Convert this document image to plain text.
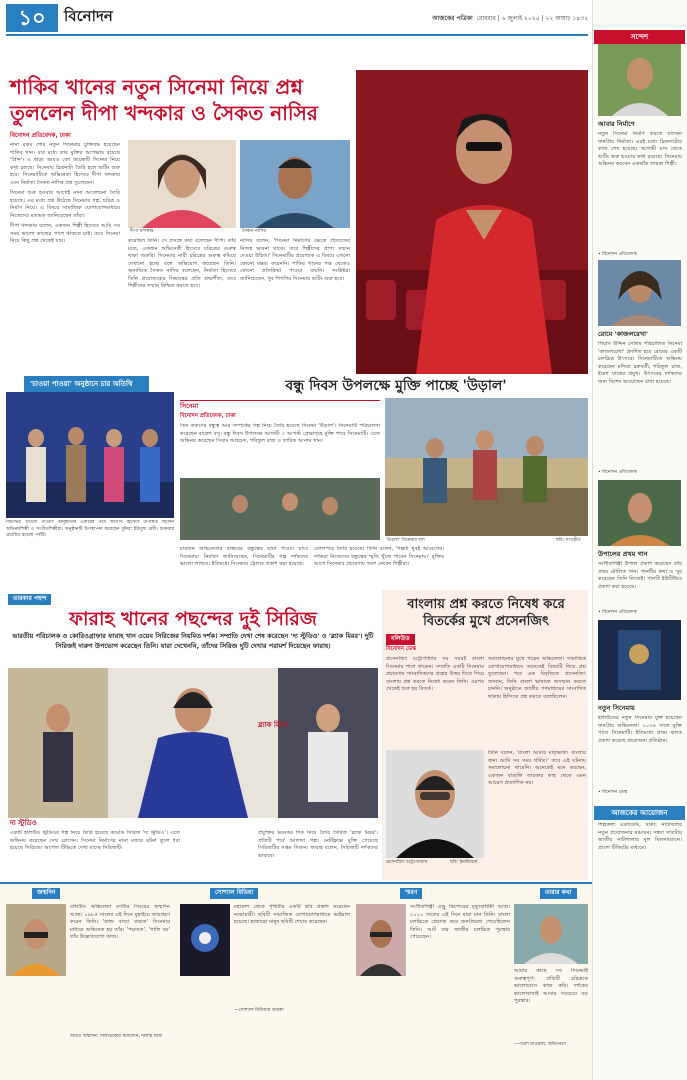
১০	বিনোদন	আজকের পত্রিকা রোববার | ৬ জুলাই ২০২৫ | ২২ আষাঢ় ১৪৩২
শাকিব খানের নতুন সিনেমা নিয়ে প্রশ্ন
তুললেন দীপা খন্দকার ও সৈকত নাসির
বিনোদন প্রতিবেদক, ঢাকা

নানা রকম শোর নতুন সিনেমার চুক্তিবদ্ধ হয়েছেন শাকিব খান। যার মধ্যে তার মুক্তির অপেক্ষায় রয়েছে 'প্রিন্স'। এ ছাড়া আরও বেশ কয়েকটি সিনেমা নিয়ে কথা চলছে। সিনেমায় চিত্রনাট্য তৈরি হলে শুটিং শুরু হবে। সিনেমাটিতে অভিনেতা হিসেবে দীপা খন্দকার এবং নির্মাতা সৈকত নাসির প্রশ্ন তুলেছেন।

সিনেমা শুরু হওয়ার আগেই নানা আলোচনা তৈরি হয়েছে। এর মধ্যে প্রশ্ন উঠেছে সিনেমার গল্প, চরিত্র ও নির্মাণ নিয়ে। এ বিষয়ে সামাজিক যোগাযোগমাধ্যমে নিজেদের মতামত জানিয়েছেন তাঁরা।

দীপা খন্দকার বলেন, একজন শিল্পী হিসেবে আমি সব সময় ভালো কাজের পাশে থাকতে চাই। তবে সিনেমা নিয়ে কিছু প্রশ্ন থেকেই যায়।

দীপা খন্দকার	সৈকত নাসির
করেছিল তিনি। সে প্রসঙ্গে কথা বলেছেন দীপা। তাঁর মতে, একজন অভিনেত্রী হিসেবে চরিত্রের গুরুত্ব থাকা জরুরি। সিনেমায় নারী চরিত্রের গুরুত্ব কমিয়ে দেখানো হচ্ছে বলে অভিযোগ করেছেন তিনি। অন্যদিকে সৈকত নাসির বলেছেন, নির্মাতা হিসেবে তিনি প্রযোজকের সিদ্ধান্তের প্রতি শ্রদ্ধাশীল, তবে শিল্পীদের সম্মান নিশ্চিত করতে হবে।
নাসির বলেন, 'সিনেমা নির্মাণের ক্ষেত্রে প্রত্যেকের নিজস্ব ভাবনা থাকে। তবে শিল্পীদের প্রাপ্য সম্মান দেওয়া উচিত।' সিনেমাটির প্রযোজক এ বিষয়ে এখনো কোনো মন্তব্য করেননি। শাকিব খানের পক্ষ থেকেও কোনো প্রতিক্রিয়া পাওয়া যায়নি। সংশ্লিষ্টরা জানিয়েছেন, খুব শিগগির সিনেমার শুটিং শুরু হবে।
'চাওয়া পাওয়া' অনুষ্ঠানে চার অতিথি
বিটিভির 'চাওয়া পাওয়া' অনুষ্ঠানের এবারের পর্বে অতিথি হিসেবে উপস্থিত ছিলেন অভিনয়শিল্পী ও সংগীতশিল্পীরা। অনুষ্ঠানটি উপস্থাপনা করেছেন মুনিরা ইউসুফ মেমী। শুক্রবার প্রচারিত হয়েছে পর্বটি।
বন্ধু দিবস উপলক্ষে মুক্তি পাচ্ছে 'উড়াল'
সিনেমা
বিনোদন প্রতিবেদক, ঢাকা
তিন তরুণের বন্ধুত্ব আর সম্পর্কের গল্প নিয়ে তৈরি হয়েছে সিনেমা 'উড়াল'। সিনেমাটি পরিচালনা করেছেন রাকেশ বসু। বন্ধু দিবস উপলক্ষে আগামী ৩ আগস্ট প্রেক্ষাগৃহে মুক্তি পাবে সিনেমাটি। এতে অভিনয় করেছেন সিয়াম আহমেদ, শরিফুল রাজ ও তারিক আনাম খান।
'উড়াল' সিনেমার দৃশ্য	ছবি: সংগৃহীত
চারজন অভিনেতার বাস্তবের বন্ধুত্বের ছায়া পাওয়া যাবে সিনেমায়। নির্মাতা জানিয়েছেন, সিনেমাটির গল্প দর্শকদের ভালো লাগবে। ইতিমধ্যে সিনেমার ট্রেলার প্রকাশ করা হয়েছে।
তোলপাড় তৈরি হয়েছে। তিনি বলেন, 'গল্পটা খুবই আবেগের। দর্শকরা নিজেদের বন্ধুত্বের স্মৃতি খুঁজে পাবেন সিনেমায়।' মুক্তির আগে সিনেমার প্রচারণায় অংশ নেবেন শিল্পীরা।
তারকার পছন্দ
ফারাহ খানের পছন্দের দুই সিরিজ
ভারতীয় পরিচালক ও কোরিওগ্রাফার ফারাহ খান ওয়েব সিরিজের নিয়মিত দর্শক। সম্প্রতি দেখা শেষ করেছেন 'দ্য স্টুডিও' ও 'ব্ল্যাক মিরর'। দুটি সিরিজই দারুণ উপভোগ করেছেন তিনি। যারা দেখেননি, তাঁদের সিরিজ দুটি দেখার পরামর্শ দিয়েছেন ফারাহ।
দ্য স্টুডিও
ব্ল্যাক মিরর
একটি হলিউড স্টুডিওর গল্প নিয়ে তৈরি হয়েছে কমেডি সিরিজ 'দ্য স্টুডিও'। এতে অভিনয় করেছেন সেথ রোগেন। সিনেমা নির্মাণের নানা মজার ঘটনা তুলে ধরা হয়েছে সিরিজে। অ্যাপল টিভিতে দেখা যাচ্ছে সিরিজটি।
প্রযুক্তির ভয়ংকর দিক নিয়ে তৈরি সিরিজ 'ব্ল্যাক মিরর'। প্রতিটি পর্বে আলাদা গল্প। নেটফ্লিক্সে মুক্তি পেয়েছে সিরিজটির সপ্তম সিজন। ফারাহ বলেন, সিরিজটি দর্শকদের ভাবাবে।
বাংলায় প্রশ্ন করতে নিষেধ করে
বিতর্কের মুখে প্রসেনজিৎ
বলিউড
বিনোদন ডেস্ক
প্রসেনজিৎ চট্টোপাধ্যায় সব সময়ই বাংলা সিনেমার পাশে থাকেন। সম্প্রতি একটি সিনেমার প্রচারণায় সাংবাদিকদের প্রশ্নের উত্তর দিতে গিয়ে বাংলায় প্রশ্ন করতে নিষেধ করেন তিনি। এরপর থেকেই শুরু হয় বিতর্ক।
সমালোচনার মুখে পড়েন অভিনেতা। সামাজিক যোগাযোগমাধ্যমে অনেকেই বিষয়টি নিয়ে প্রশ্ন তুলেছেন। পরে এক বিবৃতিতে প্রসেনজিৎ জানান, তিনি বাংলা ভাষাকে অসম্মান করতে চাননি। অনুষ্ঠানে জাতীয় গণমাধ্যমের সাংবাদিক থাকায় হিন্দিতে প্রশ্ন করতে বলেছিলেন।
প্রসেনজিৎ চট্টোপাধ্যায়	ছবি: ইনস্টাগ্রাম
তিনি বলেন, 'বাংলা আমার মাতৃভাষা। বাংলার জন্য আমি সব সময় গর্বিত।' তবে এই ঘটনায় সমালোচনা থামেনি। অনেকেই মনে করছেন, একজন বাঙালি তারকার কাছ থেকে এমন আচরণ প্রত্যাশিত নয়।
সন্দেশ
আবার নির্মাণে
নতুন সিনেমা নির্মাণ করতে যাচ্ছেন জনপ্রিয় নির্মাতা। এরই মধ্যে চিত্রনাট্যের কাজ শেষ হয়েছে। আগামী মাস থেকে শুটিং শুরু হওয়ার কথা রয়েছে। সিনেমায় অভিনয় করবেন একঝাঁক তারকা শিল্পী।
• বিনোদন প্রতিবেদক
রোমে 'কাজলরেখা'
গিয়াস উদ্দিন সেলিম পরিচালিত সিনেমা 'কাজলরেখা' প্রদর্শিত হবে রোমের একটি চলচ্চিত্র উৎসবে। সিনেমাটিতে অভিনয় করেছেন মন্দিরা চক্রবর্তী, শরিফুল রাজ, ইরেশ যাকের প্রমুখ। উৎসবের দর্শকদের জন্য বিশেষ আয়োজন রাখা হয়েছে।
• বিনোদন প্রতিবেদক
উপালের প্রথম গান
সংগীতশিল্পী উপাল প্রকাশ করেছেন তাঁর প্রথম মৌলিক গান। গানটির কথা ও সুর করেছেন তিনি নিজেই। গানটি ইউটিউবে প্রকাশ করা হয়েছে।
• বিনোদন প্রতিবেদক
নতুন সিনেমায়
হলিউডের নতুন সিনেমায় যুক্ত হয়েছেন জনপ্রিয় অভিনেতা। ২০২৬ সালে মুক্তি পাবে সিনেমাটি। ইতিমধ্যে প্রথম ঝলক প্রকাশ করেছে প্রযোজনা প্রতিষ্ঠান।
• বিনোদন ডেস্ক
আজকের আয়োজন
শিল্পকলা একাডেমি, ঢাকা: নাট্যদলের নতুন প্রযোজনার মঞ্চায়ন। সন্ধ্যা সাতটায় জাতীয় নাট্যশালার মূল মিলনায়তনে। প্রবেশ টিকিটের মাধ্যমে।
জন্মদিন
বলিউড অভিনেতা রণবীর সিংয়ের জন্মদিন আজ। ১৯৮৫ সালের এই দিনে মুম্বাইয়ে জন্মগ্রহণ করেন তিনি। 'ব্যান্ড বাজা বারাত' সিনেমার মাধ্যমে অভিষেক হয় তাঁর। 'পদ্মাবত', 'গালি বয়' তাঁর উল্লেখযোগ্য কাজ।
আরও জন্মদিন: সিলভেস্টার স্ট্যালোন, দালাই লামা
সোশ্যাল মিডিয়া
মহাকাশ থেকে পৃথিবীর একটি ছবি প্রকাশ করেছেন নভোচারী। ছবিটি সামাজিক যোগাযোগমাধ্যমে ভাইরাল হয়েছে। হাজারো মানুষ ছবিটি শেয়ার করেছেন।
—সোশ্যাল মিডিয়ায় তারকা
স্মরণ
সংগীতশিল্পী এন্ড্রু কিশোরের মৃত্যুবার্ষিকী আজ। ২০২০ সালের এই দিনে মারা যান তিনি। বাংলা চলচ্চিত্রে প্লেব্যাক করে জনপ্রিয়তা পেয়েছিলেন তিনি। আট বার জাতীয় চলচ্চিত্র পুরস্কার পেয়েছেন।
তারার কথা
আমার কাছে সব সিনেমাই গুরুত্বপূর্ণ। প্রতিটি চরিত্রকে ভালোবেসে কাজ করি। দর্শকের ভালোবাসাই আমার সবচেয়ে বড় পুরস্কার।
—পরেশ রাওয়াল, অভিনেতা
